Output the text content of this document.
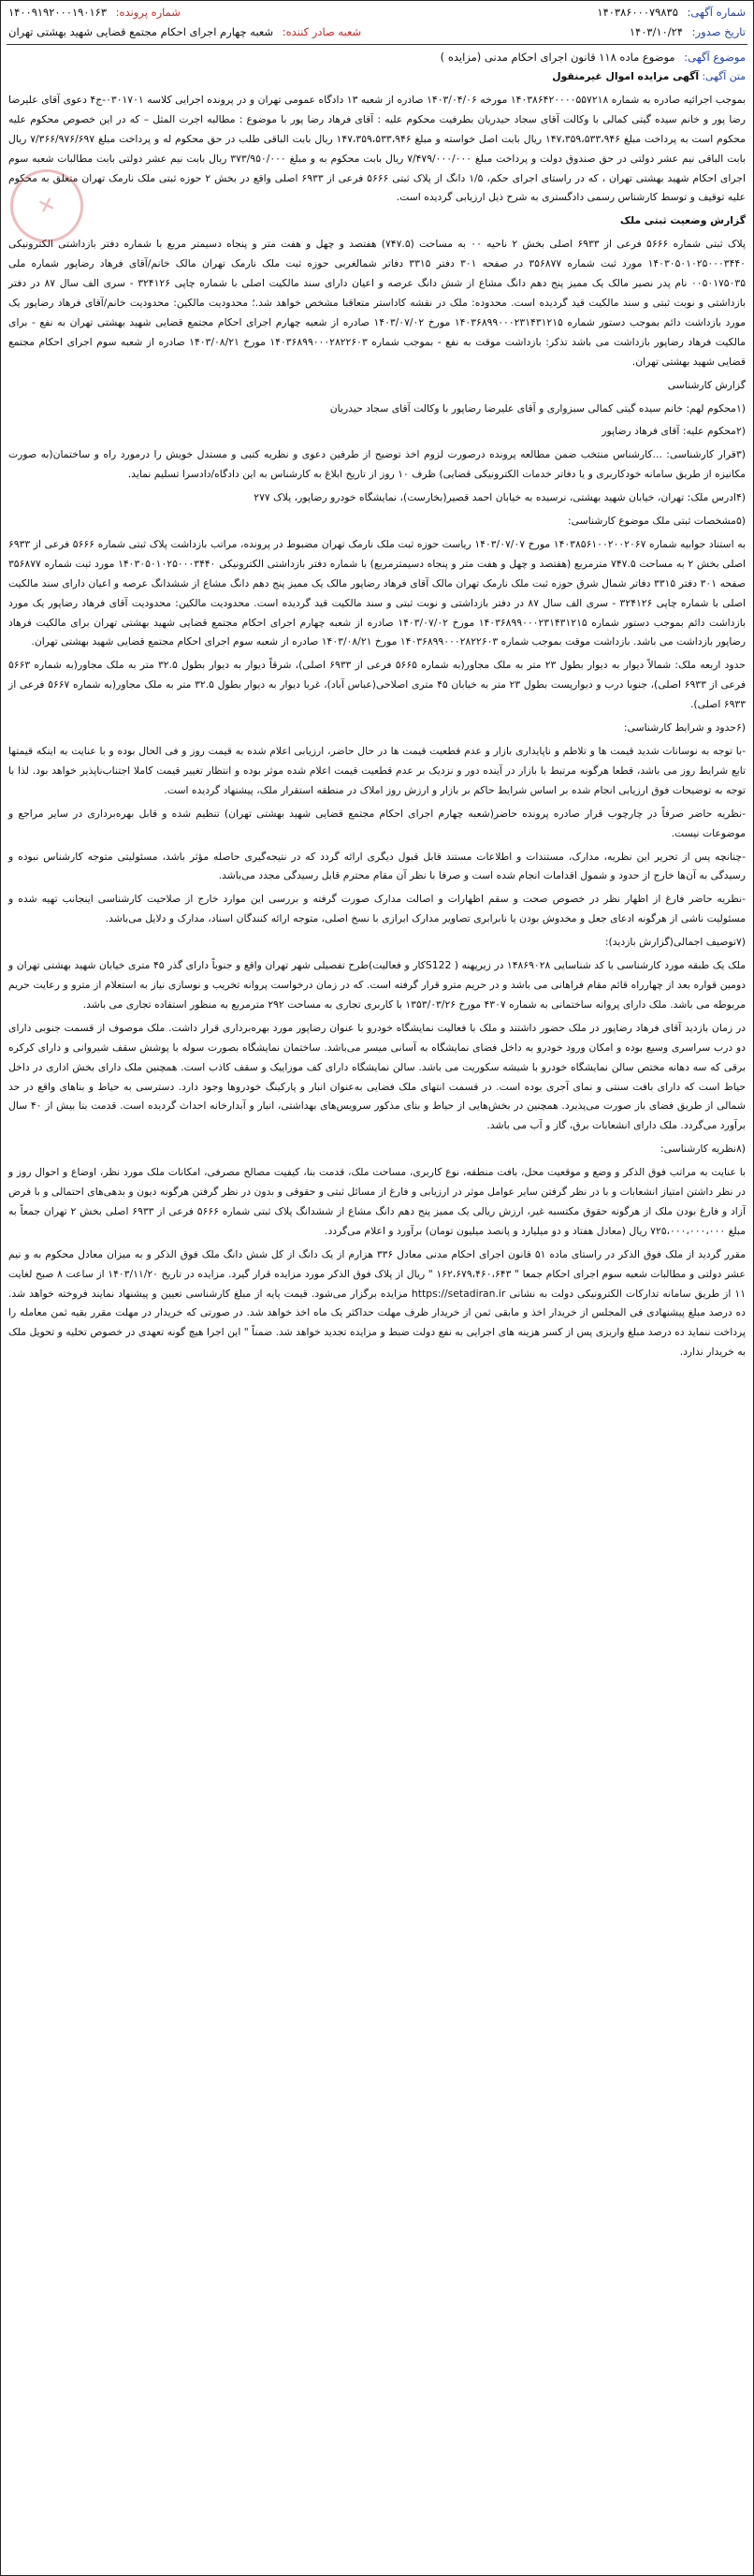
✕
شماره آگهی: ۱۴۰۳۸۶۰۰۰۷۹۸۳۵
شماره پرونده: ۱۴۰۰۹۱۹۲۰۰۰۱۹۰۱۶۳
تاریخ صدور: ۱۴۰۳/۱۰/۲۴
شعبه صادر کننده: شعبه چهارم اجرای احکام مجتمع قضایی شهید بهشتی تهران
موضوع آگهی: موضوع ماده ۱۱۸ قانون اجرای احکام مدنی (مزایده )

متن آگهی: آگهی مزایده اموال غیرمنقول

بموجب اجرائیه صادره به شماره ۱۴۰۳۸۶۴۲۰۰۰۰۵۵۷۲۱۸ مورخه ۱۴۰۳/۰۴/۰۶ صادره از شعبه ۱۳ دادگاه عمومی تهران و در پرونده اجرایی کلاسه ۰۳۰۱۷۰۱-ج۴ دعوی آقای علیرضا رضا پور و خانم سیده گیتی کمالی با وکالت آقای سجاد حیدریان بطرفیت محکوم علیه : آقای فرهاد رضا پور با موضوع : مطالبه اجرت المثل – که در این خصوص محکوم علیه محکوم است به پرداخت مبلغ ۱۴۷،۳۵۹،۵۳۳،۹۴۶ ریال بابت اصل خواسته و مبلغ ۱۴۷،۳۵۹،۵۳۳،۹۴۶ ریال بابت الباقی طلب در حق محکوم له و پرداخت مبلغ ۷/۳۶۶/۹۷۶/۶۹۷ ریال بابت الباقی نیم عشر دولتی در حق صندوق دولت و پرداخت مبلغ ۷/۴۷۹/۰۰۰/۰۰۰ ریال بابت محکوم به و مبلغ ۳۷۳/۹۵۰/۰۰۰ ریال بابت نیم عشر دولتی بابت مطالبات شعبه سوم اجرای احکام شهید بهشتی تهران ، که در راستای اجرای حکم، ۱/۵ دانگ از پلاک ثبتی ۵۶۶۶ فرعی از ۶۹۳۳ اصلی واقع در بخش ۲ حوزه ثبتی ملک نارمک تهران متعلق به محکوم علیه توقیف و توسط کارشناس رسمی دادگستری به شرح ذیل ارزیابی گردیده است.

گزارش وضعیت ثبتی ملک

پلاک ثبتی شماره ۵۶۶۶ فرعی از ۶۹۳۳ اصلی بخش ۲ ناحیه ۰۰ به مساحت (۷۴۷.۵) هفتصد و چهل و هفت متر و پنجاه دسیمتر مربع با شماره دفتر بازداشتی الکترونیکی ۱۴۰۳۰۵۰۱۰۲۵۰۰۰۳۴۴۰ مورد ثبت شماره ۳۵۶۸۷۷ در صفحه ۳۰۱ دفتر ۳۳۱۵ دفاتر شمالغربی حوزه ثبت ملک نارمک تهران مالک خانم/آقای فرهاد رضاپور شماره ملی ۰۰۵۰۱۷۵۰۳۵ نام پدر نصیر مالک یک ممیز پنج دهم دانگ مشاع از شش دانگ عرصه و اعیان دارای سند مالکیت اصلی با شماره چاپی ۳۲۴۱۲۶ - سری الف سال ۸۷ در دفتر بازداشتی و نوبت ثبتی و سند مالکیت قید گردیده است. محدوده: ملک در نقشه کاداستر متعاقبا مشخص خواهد شد.؛ محدودیت مالکین: محدودیت خانم/آقای فرهاد رضاپور یک مورد بازداشت دائم بموجب دستور شماره ۱۴۰۳۶۸۹۹۰۰۰۲۳۱۴۳۱۲۱۵ مورخ ۱۴۰۳/۰۷/۰۲ صادره از شعبه چهارم اجرای احکام مجتمع قضایی شهید بهشتی تهران به نفع - برای مالکیت فرهاد رضاپور بازداشت می باشد تذکر: بازداشت موقت به نفع - بموجب شماره ۱۴۰۳۶۸۹۹۰۰۰۲۸۲۲۶۰۳ مورخ ۱۴۰۳/۰۸/۲۱ صادره از شعبه سوم اجرای احکام مجتمع قضایی شهید بهشتی تهران.

گزارش کارشناسی

(۱محکوم لهم: خانم سیده گیتی کمالی سبزواری و آقای علیرضا رضاپور با وکالت آقای سجاد حیدریان

(۲محکوم علیه: آقای فرهاد رضاپور

(۳قرار کارشناسی: ...کارشناس منتخب ضمن مطالعه پرونده درصورت لزوم اخذ توضیح از طرفین دعوی و نظریه کتبی و مستدل خویش را درمورد راه و ساختمان(به صورت مکانیزه از طریق سامانه خودکاربری و یا دفاتر خدمات الکترونیکی قضایی) ظرف ۱۰ روز از تاریخ ابلاغ به کارشناس به این دادگاه/دادسرا تسلیم نماید.

(۴ادرس ملک: تهران، خیابان شهید بهشتی، نرسیده به خیابان احمد قصیر(بخارست)، نمایشگاه خودرو رضاپور، پلاک ۲۷۷

(۵مشخصات ثبتی ملک موضوع کارشناسی:

به استناد جوابیه شماره ۱۴۰۳۸۵۶۱۰۰۲۰۰۲۰۶۷ مورخ ۱۴۰۳/۰۷/۰۷ ریاست حوزه ثبت ملک نارمک تهران مضبوط در پرونده، مراتب بازداشت پلاک ثبتی شماره ۵۶۶۶ فرعی از ۶۹۳۳ اصلی بخش ۲ به مساحت ۷۴۷.۵ مترمربع (هفتصد و چهل و هفت متر و پنجاه دسیمترمربع) با شماره دفتر بازداشتی الکترونیکی ۱۴۰۳۰۵۰۱۰۲۵۰۰۰۳۴۴۰ مورد ثبت شماره ۳۵۶۸۷۷ صفحه ۳۰۱ دفتر ۳۳۱۵ دفاتر شمال شرق حوزه ثبت ملک نارمک تهران مالک آقای فرهاد رضاپور مالک یک ممیز پنج دهم دانگ مشاع از ششدانگ عرصه و اعیان دارای سند مالکیت اصلی با شماره چاپی ۳۲۴۱۲۶ - سری الف سال ۸۷ در دفتر بازداشتی و نوبت ثبتی و سند مالکیت قید گردیده است. محدودیت مالکین: محدودیت آقای فرهاد رضاپور یک مورد بازداشت دائم بموجب دستور شماره ۱۴۰۳۶۸۹۹۰۰۰۲۳۱۴۳۱۲۱۵ مورخ ۱۴۰۳/۰۷/۰۲ صادره از شعبه چهارم اجرای احکام مجتمع قضایی شهید بهشتی تهران برای مالکیت فرهاد رضاپور بازداشت می باشد. بازداشت موقت بموجب شماره ۱۴۰۳۶۸۹۹۰۰۰۲۸۲۲۶۰۳ مورخ ۱۴۰۳/۰۸/۲۱ صادره از شعبه سوم اجرای احکام مجتمع قضایی شهید بهشتی تهران.

حدود اربعه ملک: شمالاً دیوار به دیوار بطول ۲۳ متر به ملک مجاور(به شماره ۵۶۶۵ فرعی از ۶۹۳۳ اصلی)، شرقاً دیوار به دیوار بطول ۳۲.۵ متر به ملک مجاور(به شماره ۵۶۶۳ فرعی از ۶۹۳۳ اصلی)، جنوبا درب و دیوارپست بطول ۲۳ متر به خیابان ۴۵ متری اصلاحی(عباس آباد)، غربا دیوار به دیوار بطول ۳۲.۵ متر به ملک مجاور(به شماره ۵۶۶۷ فرعی از ۶۹۳۳ اصلی).

(۶حدود و شرایط کارشناسی:

-با توجه به نوسانات شدید قیمت ها و تلاطم و ناپایداری بازار و عدم قطعیت قیمت ها در حال حاضر، ارزیابی اعلام شده به قیمت روز و فی الحال بوده و با عنایت به اینکه قیمتها تابع شرایط روز می باشد، قطعا هرگونه مرتبط با بازار در آینده دور و نزدیک بر عدم قطعیت قیمت اعلام شده موثر بوده و انتظار تغییر قیمت کاملا اجتناب‌ناپذیر خواهد بود. لذا با توجه به توضیحات فوق ارزیابی انجام شده بر اساس شرایط حاکم بر بازار و ارزش روز املاک در منطقه استقرار ملک، پیشنهاد گردیده است.

-نظریه حاضر صرفاً در چارچوب قرار صادره پرونده حاضر(شعبه چهارم اجرای احکام مجتمع قضایی شهید بهشتی تهران) تنظیم شده و قابل بهره‌برداری در سایر مراجع و موضوعات نیست.

-چنانچه پس از تحریر این نظریه، مدارک، مستندات و اطلاعات مستند قابل قبول دیگری ارائه گردد که در نتیجه‌گیری حاصله مؤثر باشد، مسئولیتی متوجه کارشناس نبوده و رسیدگی به آن‌ها خارج از حدود و شمول اقدامات انجام شده است و صرفا با نظر آن مقام محترم قابل رسیدگی مجدد می‌باشد.

-نظریه حاضر فارغ از اظهار نظر در خصوص صحت و سقم اظهارات و اصالت مدارک صورت گرفته و بررسی این موارد خارج از صلاحیت کارشناسی اینجانب تهیه شده و مسئولیت ناشی از هرگونه ادعای جعل و مخدوش بودن یا نابرابری تصاویر مدارک ابرازی با نسخ اصلی، متوجه ارائه کنندگان اسناد، مدارک و دلایل می‌باشد.

(۷توصیف اجمالی(گزارش بازدید):

ملک یک طبقه مورد کارشناسی با کد شناسایی ۱۴۸۶۹۰۲۸ در زیرپهنه ( S122کار و فعالیت)طرح تفصیلی شهر تهران واقع و جنوباً دارای گذر ۴۵ متری خیابان شهید بهشتی تهران و دومین قواره بعد از چهارراه قائم مقام فراهانی می باشد و در حریم مترو قرار گرفته است. که در زمان درخواست پروانه تخریب و نوسازی نیاز به استعلام از مترو و رعایت حریم مربوطه می باشد. ملک دارای پروانه ساختمانی به شماره ۴۳۰۷ مورخ ۱۳۵۳/۰۳/۲۶ با کاربری تجاری به مساحت ۲۹۲ مترمربع به منظور استفاده تجاری می باشد.

در زمان بازدید آقای فرهاد رضاپور در ملک حضور داشتند و ملک با فعالیت نمایشگاه خودرو با عنوان رضاپور مورد بهره‌برداری قرار داشت. ملک موصوف از قسمت جنوبی دارای دو درب سراسری وسیع بوده و امکان ورود خودرو به داخل فضای نمایشگاه به آسانی میسر می‌باشد. ساختمان نمایشگاه بصورت سوله با پوشش سقف شیروانی و دارای کرکره برقی که سه دهانه مختص سالن نمایشگاه خودرو با شیشه سکوریت می باشد. سالن نمایشگاه دارای کف موزاییک و سقف کاذب است. همچنین ملک دارای بخش اداری در داخل حیاط است که دارای بافت سنتی و نمای آجری بوده است. در قسمت انتهای ملک فضایی به‌عنوان انبار و پارکینگ خودروها وجود دارد. دسترسی به حیاط و بناهای واقع در حد شمالی از طریق فضای باز صورت می‌پذیرد. همچنین در بخش‌هایی از حیاط و بنای مذکور سرویس‌های بهداشتی، انبار و آبدارخانه احداث گردیده است. قدمت بنا بیش از ۴۰ سال برآورد می‌گردد. ملک دارای انشعابات برق، گاز و آب می باشد.

(۸نظریه کارشناسی:

با عنایت به مراتب فوق الذکر و وضع و موقعیت محل، بافت منطقه، نوع کاربری، مساحت ملک، قدمت بنا، کیفیت مصالح مصرفی، امکانات ملک مورد نظر، اوضاع و احوال روز و در نظر داشتن امتیاز انشعابات و با در نظر گرفتن سایر عوامل موثر در ارزیابی و فارغ از مسائل ثبتی و حقوقی و بدون در نظر گرفتن هرگونه دیون و بدهی‌های احتمالی و با فرض آزاد و فارغ بودن ملک از هرگونه حقوق مکتسبه غیر، ارزش ریالی یک ممیز پنج دهم دانگ مشاع از ششدانگ پلاک ثبتی شماره ۵۶۶۶ فرعی از ۶۹۳۳ اصلی بخش ۲ تهران جمعاً به مبلغ ۷۲۵،۰۰۰،۰۰۰،۰۰۰ ریال (معادل هفتاد و دو میلیارد و پانصد میلیون تومان) برآورد و اعلام می‌گردد.

مقرر گردید از ملک فوق الذکر در راستای ماده ۵۱ قانون اجرای احکام مدنی معادل ۳۳۶ هزارم از یک دانگ از کل شش دانگ ملک فوق الذکر و به میزان معادل محکوم به و نیم عشر دولتی و مطالبات شعبه سوم اجرای احکام جمعا " ۱۶۲،۶۷۹،۴۶۰،۶۴۳ " ریال از پلاک فوق الذکر مورد مزایده قرار گیرد. مزایده در تاریخ ۱۴۰۳/۱۱/۲۰ از ساعت ۸ صبح لغایت ۱۱ از طریق سامانه تدارکات الکترونیکی دولت به نشانی https://setadiran.ir مزایده برگزار می‌شود. قیمت پایه از مبلغ کارشناسی تعیین و پیشنهاد نمایند فروخته خواهد شد. ده درصد مبلغ پیشنهادی فی المجلس از خریدار اخذ و مابقی ثمن از خریدار ظرف مهلت حداکثر یک ماه اخذ خواهد شد. در صورتی که خریدار در مهلت مقرر بقیه ثمن معامله را پرداخت ننماید ده درصد مبلغ واریزی پس از کسر هزینه های اجرایی به نفع دولت ضبط و مزایده تجدید خواهد شد. ضمناً " این اجرا هیچ گونه تعهدی در خصوص تخلیه و تحویل ملک به خریدار ندارد.
